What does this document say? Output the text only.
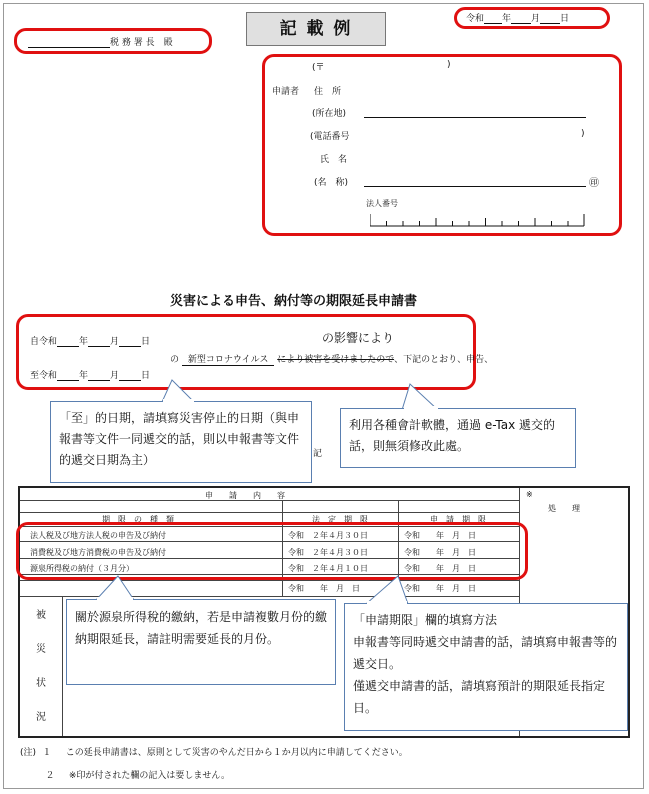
記 載 例	令和 年 月 日
税 務 署 長　殿
(〒	)
申請者 住　所
(所在地)
(電話番号	)
氏　名
(名　称)	㊞
法人番号
災害による申告、納付等の期限延長申請書
自令和 年 月 日	の影響により
の 新型コロナウイルス により被害を受けましたので、下記のとおり、申告、
至令和 年 月 日
「至」的日期，請填寫災害停止的日期（與申報書等文件一同遞交的話，則以申報書等文件的遞交日期為主）
利用各種會計軟體，通過 e-Tax 遞交的話，則無須修改此處。
記
申　　請　　内　　容	※
処　　理
期　限　の　種　類	法　定　期　限	申　請　期　限
法人税及び地方法人税の申告及び納付	令和　２年４月３０日	令和　　年　月　日
消費税及び地方消費税の申告及び納付	令和　２年４月３０日	令和　　年　月　日
源泉所得税の納付（３月分）	令和　２年４月１０日	令和　　年　月　日
令和　　年　月　日	令和　　年　月　日
被
災
状
況
關於源泉所得稅的繳納，若是申請複數月份的繳納期限延長，請註明需要延長的月份。
「申請期限」欄的填寫方法
申報書等同時遞交申請書的話，請填寫申報書等的遞交日。
僅遞交申請書的話，請填寫預計的期限延長指定日。
(注) １ この延長申請書は、原則として災害のやんだ日から１か月以内に申請してください。
２ ※印が付された欄の記入は要しません。
